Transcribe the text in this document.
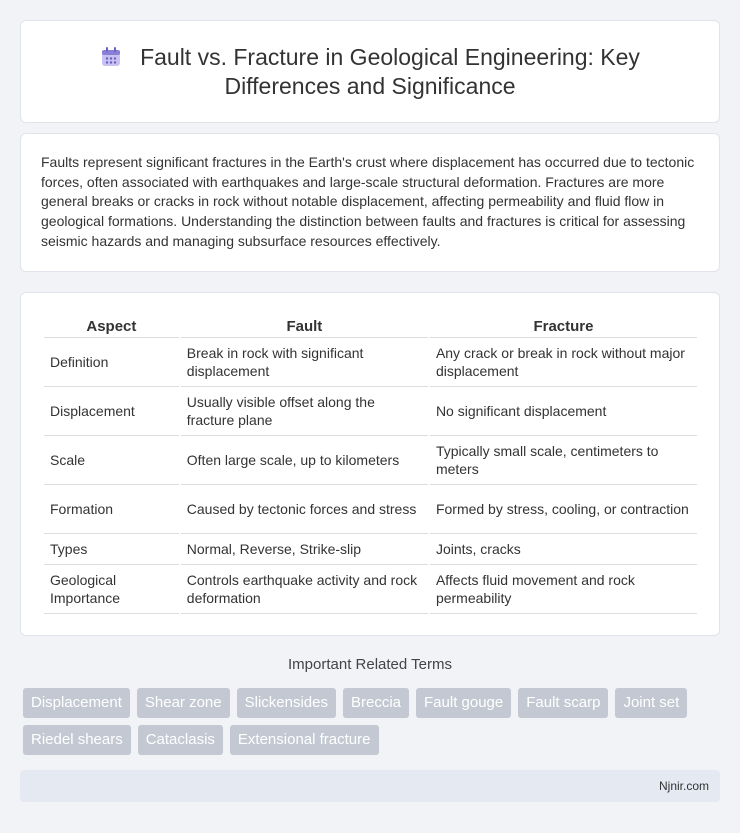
Fault vs. Fracture in Geological Engineering: Key Differences and Significance

Faults represent significant fractures in the Earth's crust where displacement has occurred due to tectonic forces, often associated with earthquakes and large-scale structural deformation. Fractures are more general breaks or cracks in rock without notable displacement, affecting permeability and fluid flow in geological formations. Understanding the distinction between faults and fractures is critical for assessing seismic hazards and managing subsurface resources effectively.

Aspect	Fault	Fracture
Definition	Break in rock with significant displacement	Any crack or break in rock without major displacement
Displacement	Usually visible offset along the fracture plane	No significant displacement
Scale	Often large scale, up to kilometers	Typically small scale, centimeters to meters
Formation	Caused by tectonic forces and stress	Formed by stress, cooling, or contraction
Types	Normal, Reverse, Strike-slip	Joints, cracks
Geological Importance	Controls earthquake activity and rock deformation	Affects fluid movement and rock permeability
Important Related Terms
Displacement	Shear zone	Slickensides	Breccia	Fault gouge	Fault scarp	Joint set
Riedel shears	Cataclasis	Extensional fracture
Njnir.com
